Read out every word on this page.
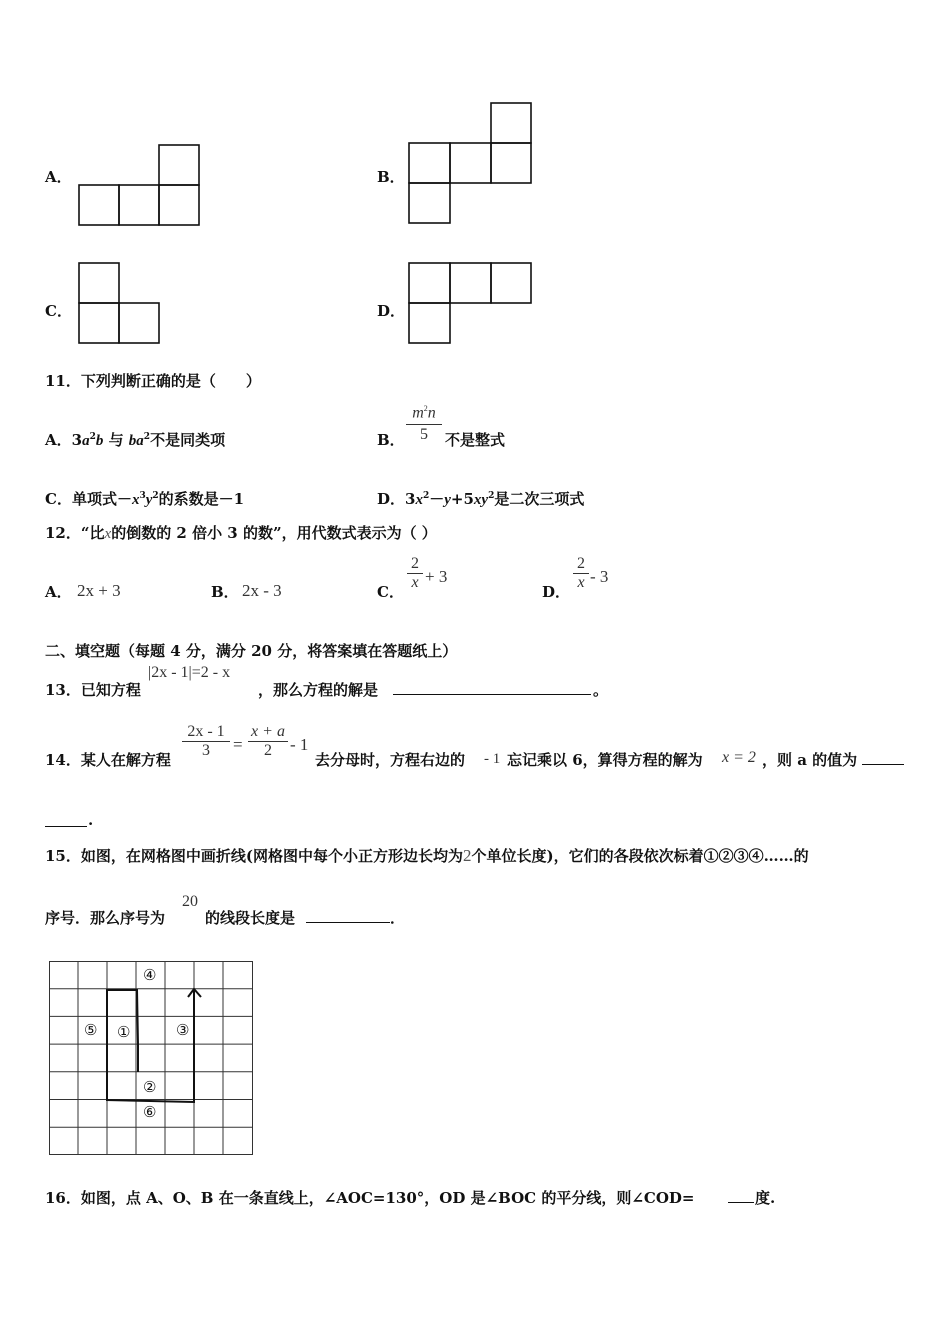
A．	B．
C．	D．
11．下列判断正确的是（　　）
A．$3a^2b$ 与 $ba^2$不是同类项	B． $\frac{m^2n}{5}$ 不是整式
C．单项式$-x^3y^2$的系数是－1	D．$3x^2-y+5xy^2$是二次三项式
12．“比x的倒数的 2 倍小 3 的数”，用代数式表示为（ ）
A． 2x + 3	B． 2x - 3	C． $\frac{2}{x} + 3$
D． $\frac{2}{x} - 3$
二、填空题（每题 4 分，满分 20 分，将答案填在答题纸上）
13．已知方程
|2x - 1|=2 - x
，那么方程的解是	。
14．某人在解方程 $\frac{2x - 1}{3} = \frac{x + a}{2} - 1$
去分母时，方程右边的 - 1 忘记乘以 6，算得方程的解为 x = 2 ，则 a 的值为
.
15．如图，在网格图中画折线(网格图中每个小正方形边长均为2个单位长度)，它们的各段依次标着①②③④……的
序号．那么序号为
20
的线段长度是	．
④
⑤ ①	③
②
⑥
16．如图，点 A、O、B 在一条直线上，∠AOC=130°，OD 是∠BOC 的平分线，则∠COD=	度.
